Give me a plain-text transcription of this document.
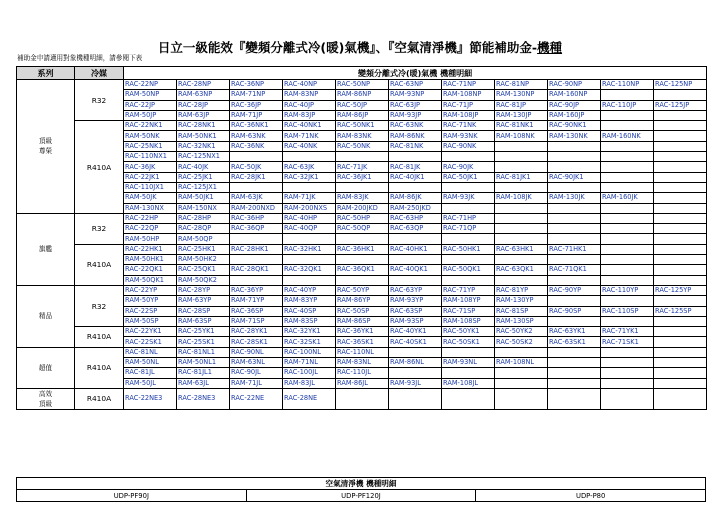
日立一級能效『變頻分離式冷(暖)氣機』、『空氣清淨機』節能補助金-機種
補助金申請適用對象機種明細，請參閱下表
系列	冷媒	變頻分離式冷(暖)氣機 機種明細										
頂級
尊榮	R32	RAC-22NP	RAC-28NP	RAC-36NP	RAC-40NP	RAC-50NP	RAC-63NP	RAC-71NP	RAC-81NP	RAC-90NP	RAC-110NP	RAC-125NP
		RAM-50NP	RAM-63NP	RAM-71NP	RAM-83NP	RAM-86NP	RAM-93NP	RAM-108NP	RAM-130NP	RAM-160NP		
		RAC-22JP	RAC-28JP	RAC-36JP	RAC-40JP	RAC-50JP	RAC-63JP	RAC-71JP	RAC-81JP	RAC-90JP	RAC-110JP	RAC-125JP
		RAM-50JP	RAM-63JP	RAM-71JP	RAM-83JP	RAM-86JP	RAM-93JP	RAM-108JP	RAM-130JP	RAM-160JP		
	R410A	RAC-22NK1	RAC-28NK1	RAC-36NK1	RAC-40NK1	RAC-50NK1	RAC-63NK	RAC-71NK	RAC-81NK1	RAC-90NK1		
		RAM-50NK	RAM-50NK1	RAM-63NK	RAM-71NK	RAM-83NK	RAM-86NK	RAM-93NK	RAM-108NK	RAM-130NK	RAM-160NK	
		RAC-25NK1	RAC-32NK1	RAC-36NK	RAC-40NK	RAC-50NK	RAC-81NK	RAC-90NK				
		RAC-110NX1	RAC-125NX1									
		RAC-36JK	RAC-40JK	RAC-50JK	RAC-63JK	RAC-71JK	RAC-81JK	RAC-90JK				
		RAC-22JK1	RAC-25JK1	RAC-28JK1	RAC-32JK1	RAC-36JK1	RAC-40JK1	RAC-50JK1	RAC-81JK1	RAC-90JK1		
		RAC-110JX1	RAC-125JX1									
		RAM-50JK	RAM-50JK1	RAM-63JK	RAM-71JK	RAM-83JK	RAM-86JK	RAM-93JK	RAM-108JK	RAM-130JK	RAM-160JK	
		RAM-130NX	RAM-150NX	RAM-200NXD	RAM-200NXS	RAM-200JKD	RAM-250JKD					
旗艦	R32	RAC-22HP	RAC-28HP	RAC-36HP	RAC-40HP	RAC-50HP	RAC-63HP	RAC-71HP				
		RAC-22QP	RAC-28QP	RAC-36QP	RAC-40QP	RAC-50QP	RAC-63QP	RAC-71QP				
		RAM-50HP	RAM-50QP									
	R410A	RAC-22HK1	RAC-25HK1	RAC-28HK1	RAC-32HK1	RAC-36HK1	RAC-40HK1	RAC-50HK1	RAC-63HK1	RAC-71HK1		
		RAM-50HK1	RAM-50HK2									
		RAC-22QK1	RAC-25QK1	RAC-28QK1	RAC-32QK1	RAC-36QK1	RAC-40QK1	RAC-50QK1	RAC-63QK1	RAC-71QK1		
		RAM-50QK1	RAM-50QK2									
精品	R32	RAC-22YP	RAC-28YP	RAC-36YP	RAC-40YP	RAC-50YP	RAC-63YP	RAC-71YP	RAC-81YP	RAC-90YP	RAC-110YP	RAC-125YP
		RAM-50YP	RAM-63YP	RAM-71YP	RAM-83YP	RAM-86YP	RAM-93YP	RAM-108YP	RAM-130YP			
		RAC-22SP	RAC-28SP	RAC-36SP	RAC-40SP	RAC-50SP	RAC-63SP	RAC-71SP	RAC-81SP	RAC-90SP	RAC-110SP	RAC-125SP
		RAM-50SP	RAM-63SP	RAM-71SP	RAM-83SP	RAM-86SP	RAM-93SP	RAM-108SP	RAM-130SP			
	R410A	RAC-22YK1	RAC-25YK1	RAC-28YK1	RAC-32YK1	RAC-36YK1	RAC-40YK1	RAC-50YK1	RAC-50YK2	RAC-63YK1	RAC-71YK1	
		RAC-22SK1	RAC-25SK1	RAC-28SK1	RAC-32SK1	RAC-36SK1	RAC-40SK1	RAC-50SK1	RAC-50SK2	RAC-63SK1	RAC-71SK1	
超值	R410A	RAC-81NL	RAC-81NL1	RAC-90NL	RAC-100NL	RAC-110NL						
		RAM-50NL	RAM-50NL1	RAM-63NL	RAM-71NL	RAM-83NL	RAM-86NL	RAM-93NL	RAM-108NL			
		RAC-81JL	RAC-81JL1	RAC-90JL	RAC-100JL	RAC-110JL						
		RAM-50JL	RAM-63JL	RAM-71JL	RAM-83JL	RAM-86JL	RAM-93JL	RAM-108JL				
高效
頂級	R410A	RAC-22NE3	RAC-28NE3	RAC-22NE	RAC-28NE							
空氣清淨機 機種明細
UDP-PF90J	UDP-PF120J	UDP-P80
